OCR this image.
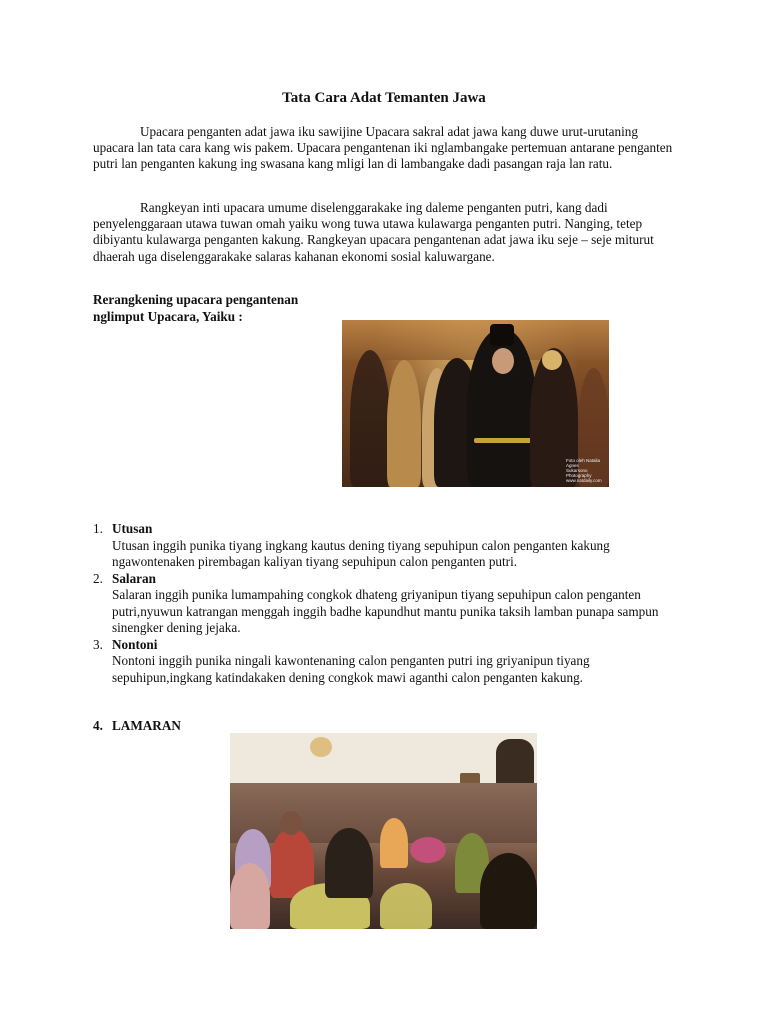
Tata Cara Adat Temanten Jawa

Upacara penganten adat jawa iku sawijine Upacara sakral adat jawa kang duwe urut-urutaning upacara lan tata cara kang wis pakem. Upacara pengantenan iki nglambangake pertemuan antarane penganten putri lan penganten kakung ing swasana kang mligi lan di lambangake dadi pasangan raja lan ratu.

Rangkeyan inti upacara umume diselenggarakake ing daleme penganten putri, kang dadi penyelenggaraan utawa tuwan omah yaiku wong tuwa utawa kulawarga penganten putri. Nanging, tetep dibiyantu kulawarga penganten kakung. Rangkeyan upacara pengantenan adat jawa iku seje – seje miturut dhaerah uga diselenggarakake salaras kahanan ekonomi sosial kaluwargane.

Rerangkening upacara pengantenan nglimput Upacara, Yaiku :
Foto oleh Natalia Agnes
Sukarsono Photography
www.natdaily.com
1. Utusan
Utusan inggih punika tiyang ingkang kautus dening tiyang sepuhipun calon penganten kakung ngawontenaken pirembagan kaliyan tiyang sepuhipun calon penganten putri.
2. Salaran
Salaran inggih punika lumampahing congkok dhateng griyanipun tiyang sepuhipun calon penganten putri,nyuwun katrangan menggah inggih badhe kapundhut mantu punika taksih lamban punapa sampun sinengker dening jejaka.
3. Nontoni
Nontoni inggih punika ningali kawontenaning calon penganten putri ing griyanipun tiyang sepuhipun,ingkang katindakaken dening congkok mawi aganthi calon penganten kakung.
4. LAMARAN
